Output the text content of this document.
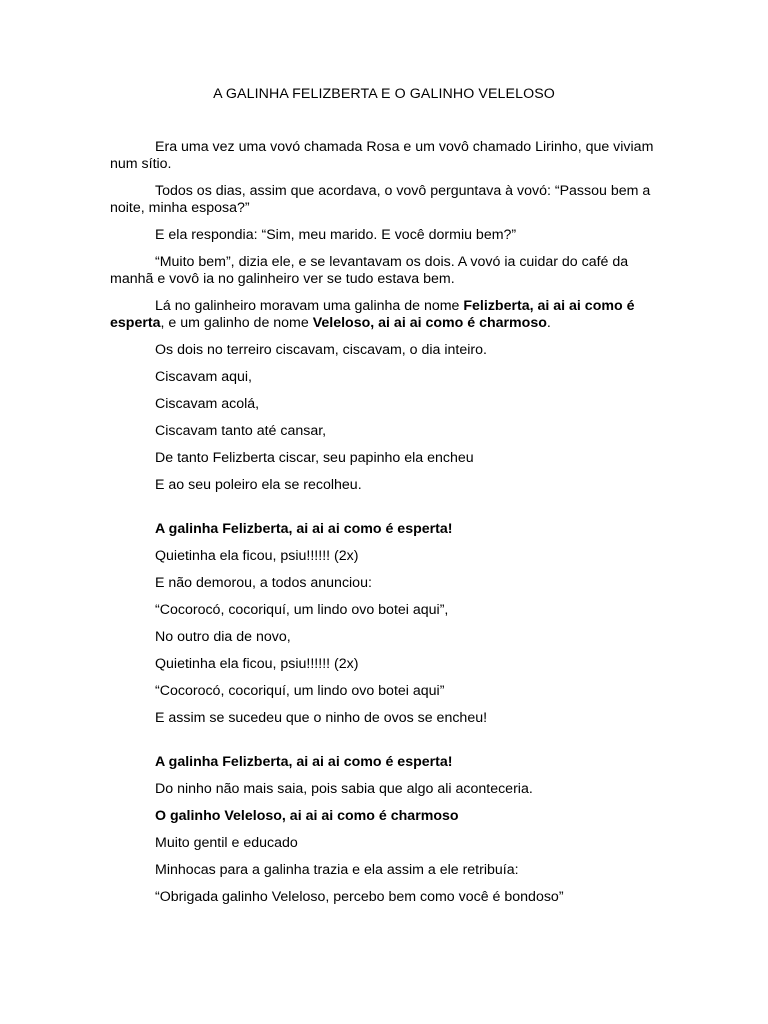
A GALINHA FELIZBERTA E O GALINHO VELELOSO

Era uma vez uma vovó chamada Rosa e um vovô chamado Lirinho, que viviam num sítio.

Todos os dias, assim que acordava, o vovô perguntava à vovó: “Passou bem a noite, minha esposa?”

E ela respondia: “Sim, meu marido. E você dormiu bem?”

“Muito bem”, dizia ele, e se levantavam os dois. A vovó ia cuidar do café da manhã e vovô ia no galinheiro ver se tudo estava bem.

Lá no galinheiro moravam uma galinha de nome Felizberta, ai ai ai como é esperta, e um galinho de nome Veleloso, ai ai ai como é charmoso.

Os dois no terreiro ciscavam, ciscavam, o dia inteiro.

Ciscavam aqui,

Ciscavam acolá,

Ciscavam tanto até cansar,

De tanto Felizberta ciscar, seu papinho ela encheu

E ao seu poleiro ela se recolheu.

A galinha Felizberta, ai ai ai como é esperta!

Quietinha ela ficou, psiu!!!!!! (2x)

E não demorou, a todos anunciou:

“Cocorocó, cocoriquí, um lindo ovo botei aqui”,

No outro dia de novo,

Quietinha ela ficou, psiu!!!!!! (2x)

“Cocorocó, cocoriquí, um lindo ovo botei aqui”

E assim se sucedeu que o ninho de ovos se encheu!

A galinha Felizberta, ai ai ai como é esperta!

Do ninho não mais saia, pois sabia que algo ali aconteceria.

O galinho Veleloso, ai ai ai como é charmoso

Muito gentil e educado

Minhocas para a galinha trazia e ela assim a ele retribuía:

“Obrigada galinho Veleloso, percebo bem como você é bondoso”
